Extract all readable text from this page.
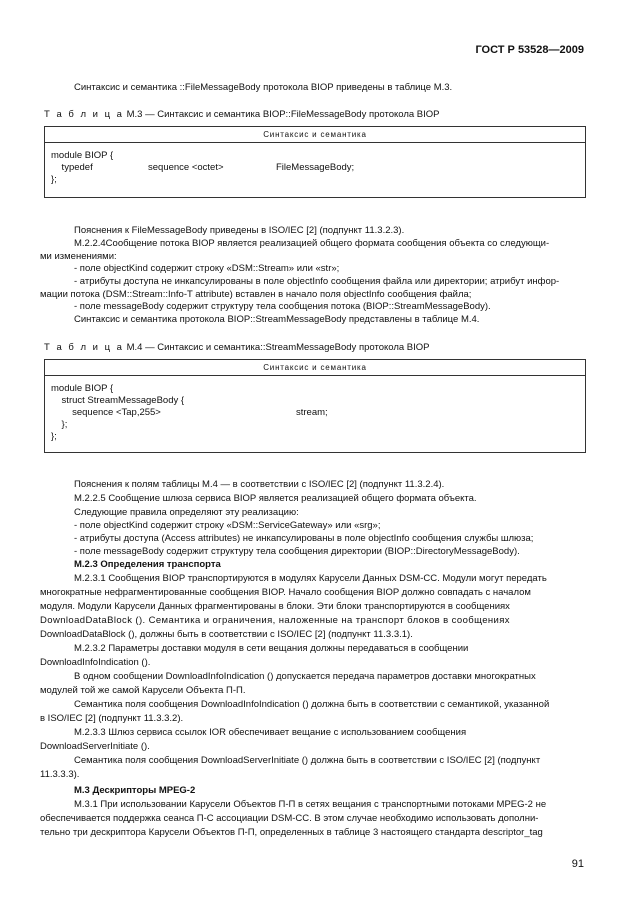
ГОСТ Р 53528—2009
Синтаксис и семантика ::FileMessageBody протокола BIOP приведены в таблице М.3.
Т а б л и ц а М.3 — Синтаксис и семантика BIOP::FileMessageBody протокола BIOP
Синтаксис и семантика
module BIOP {
typedef	sequence <octet>	FileMessageBody;
};
Пояснения к FileMessageBody приведены в ISO/IEC [2] (подпункт 11.3.2.3).
М.2.2.4Сообщение потока BIOP является реализацией общего формата сообщения объекта со следующи-
ми изменениями:
- поле objectKind содержит строку «DSM::Stream» или «str»;
- атрибуты доступа не инкапсулированы в поле objectInfo сообщения файла или директории; атрибут инфор-
мации потока (DSM::Stream::Info-T attribute) вставлен в начало поля objectInfo сообщения файла;
- поле messageBody содержит структуру тела сообщения потока (BIOP::StreamMessageBody).
Синтаксис и семантика протокола BIOP::StreamMessageBody представлены в таблице М.4.
Т а б л и ц а М.4 — Синтаксис и семантика::StreamMessageBody протокола BIOP
Синтаксис и семантика
module BIOP {
struct StreamMessageBody {
sequence <Tap,255>	stream;
};
};
Пояснения к полям таблицы М.4 — в соответствии с ISO/IEC [2] (подпункт 11.3.2.4).
М.2.2.5 Сообщение шлюза сервиса BIOP является реализацией общего формата объекта.
Следующие правила определяют эту реализацию:
- поле objectKind содержит строку «DSM::ServiceGateway» или «srg»;
- атрибуты доступа (Access attributes) не инкапсулированы в поле objectInfo сообщения службы шлюза;
- поле messageBody содержит структуру тела сообщения директории (BIOP::DirectoryMessageBody).
М.2.3 Определения транспорта
М.2.3.1 Сообщения BIOP транспортируются в модулях Карусели Данных DSM-CC. Модули могут передать
многократные нефрагментированные сообщения BIOP. Начало сообщения BIOP должно совпадать с началом
модуля. Модули Карусели Данных фрагментированы в блоки. Эти блоки транспортируются в сообщениях
DownloadDataBlock (). Семантика и ограничения, наложенные на транспорт блоков в сообщениях
DownloadDataBlock (), должны быть в соответствии с ISO/IEC [2] (подпункт 11.3.3.1).
М.2.3.2 Параметры доставки модуля в сети вещания должны передаваться в сообщении
DownloadInfoIndication ().
В одном сообщении DownloadInfoIndication () допускается передача параметров доставки многократных
модулей той же самой Карусели Объекта П-П.
Семантика поля сообщения DownloadInfoIndication () должна быть в соответствии с семантикой, указанной
в ISO/IEC [2] (подпункт 11.3.3.2).
М.2.3.3 Шлюз сервиса ссылок IOR обеспечивает вещание с использованием сообщения
DownloadServerInitiate ().
Семантика поля сообщения DownloadServerInitiate () должна быть в соответствии с ISO/IEC [2] (подпункт
11.3.3.3).
М.3 Дескрипторы MPEG-2
М.3.1 При использовании Карусели Объектов П-П в сетях вещания с транспортными потоками MPEG-2 не
обеспечивается поддержка сеанса П-С ассоциации DSM-CC. В этом случае необходимо использовать дополни-
тельно три дескриптора Карусели Объектов П-П, определенных в таблице 3 настоящего стандарта descriptor_tag
91
